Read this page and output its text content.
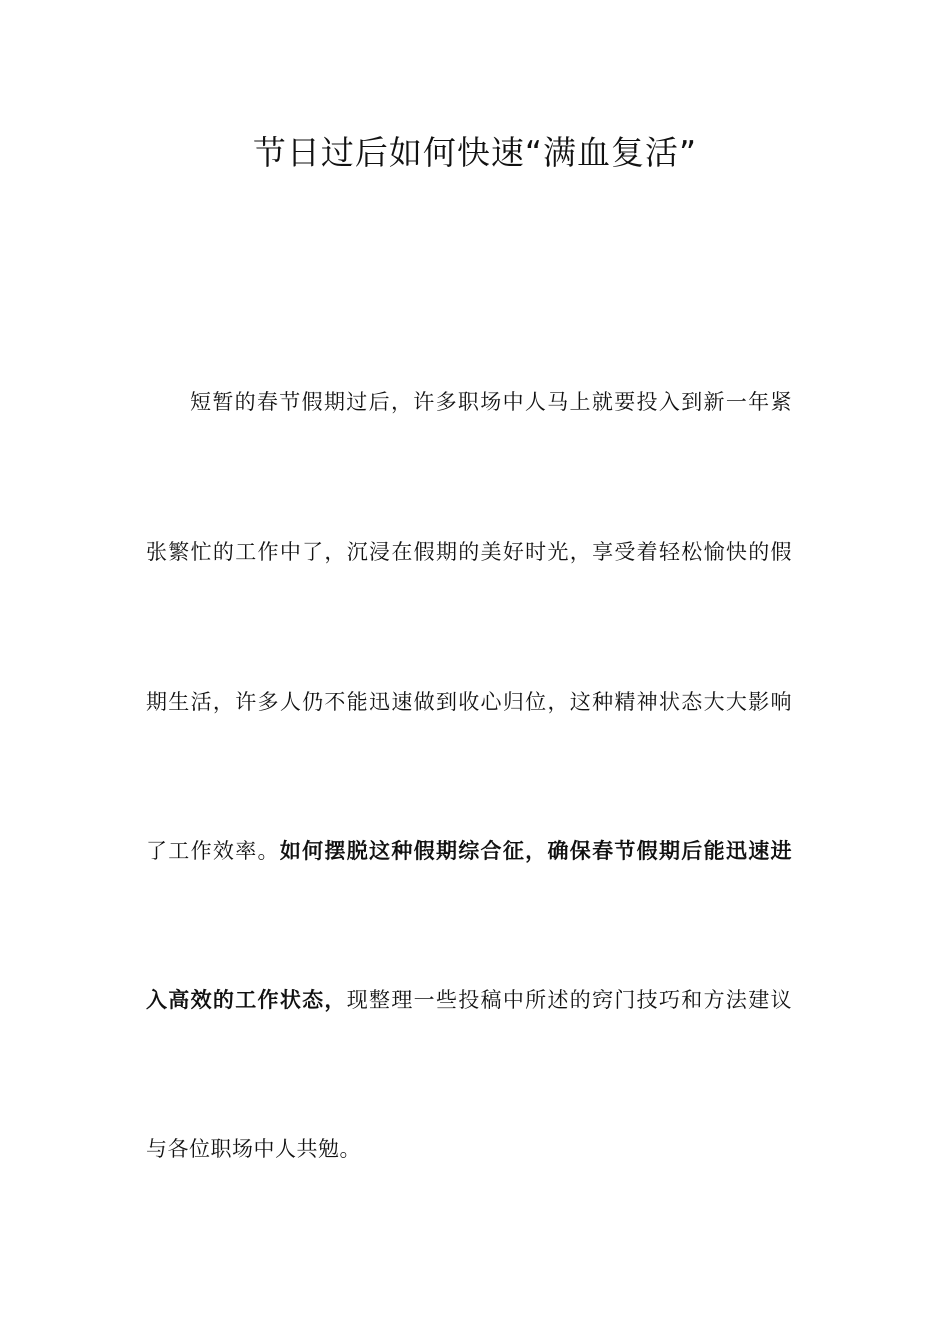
节日过后如何快速“满血复活”
短暂的春节假期过后，许多职场中人马上就要投入到新一年紧
张繁忙的工作中了，沉浸在假期的美好时光，享受着轻松愉快的假
期生活，许多人仍不能迅速做到收心归位，这种精神状态大大影响
了工作效率。如何摆脱这种假期综合征，确保春节假期后能迅速进
入高效的工作状态，现整理一些投稿中所述的窍门技巧和方法建议
与各位职场中人共勉。
